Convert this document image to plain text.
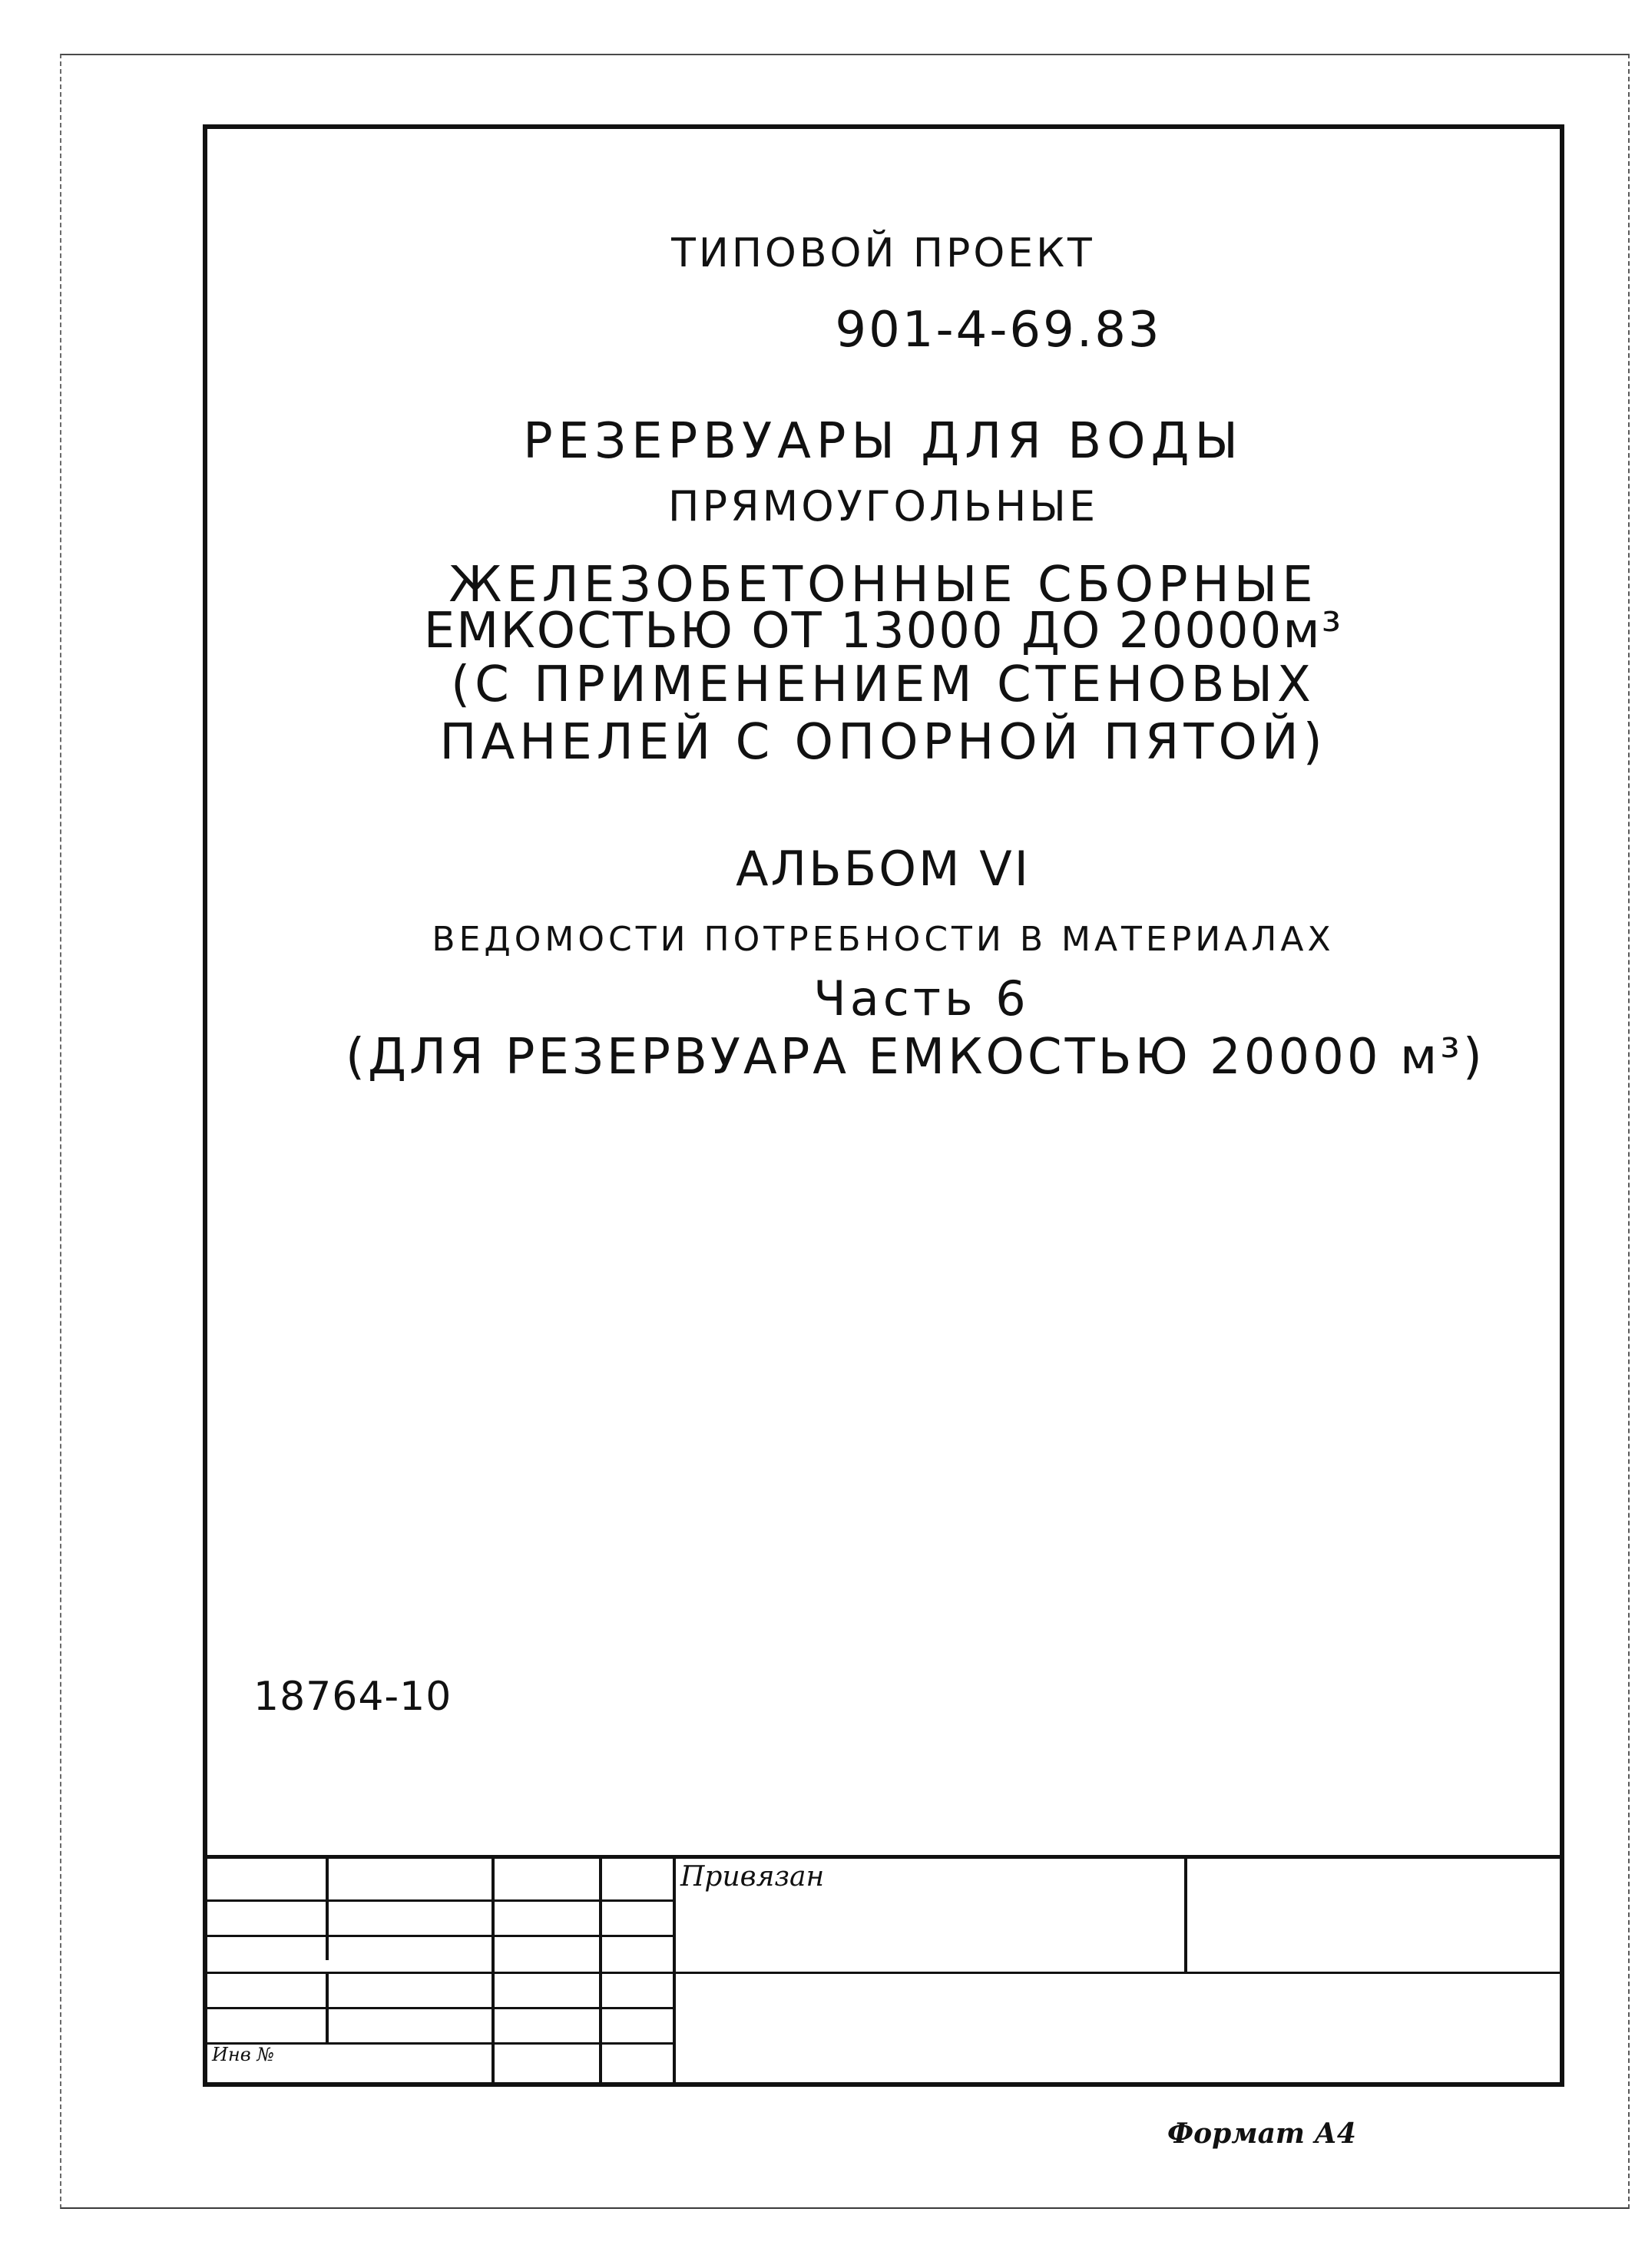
ТИПОВОЙ ПРОЕКТ
901-4-69.83
РЕЗЕРВУАРЫ ДЛЯ ВОДЫ
ПРЯМОУГОЛЬНЫЕ
ЖЕЛЕЗОБЕТОННЫЕ СБОРНЫЕ
ЕМКОСТЬЮ ОТ 13000 ДО 20000м³
(С ПРИМЕНЕНИЕМ СТЕНОВЫХ
ПАНЕЛЕЙ С ОПОРНОЙ ПЯТОЙ)
АЛЬБОМ VI
ВЕДОМОСТИ ПОТРЕБНОСТИ В МАТЕРИАЛАХ
Часть 6
(ДЛЯ РЕЗЕРВУАРА ЕМКОСТЬЮ 20000 м³)
18764-10
Привязан
Инв №
Формат А4
